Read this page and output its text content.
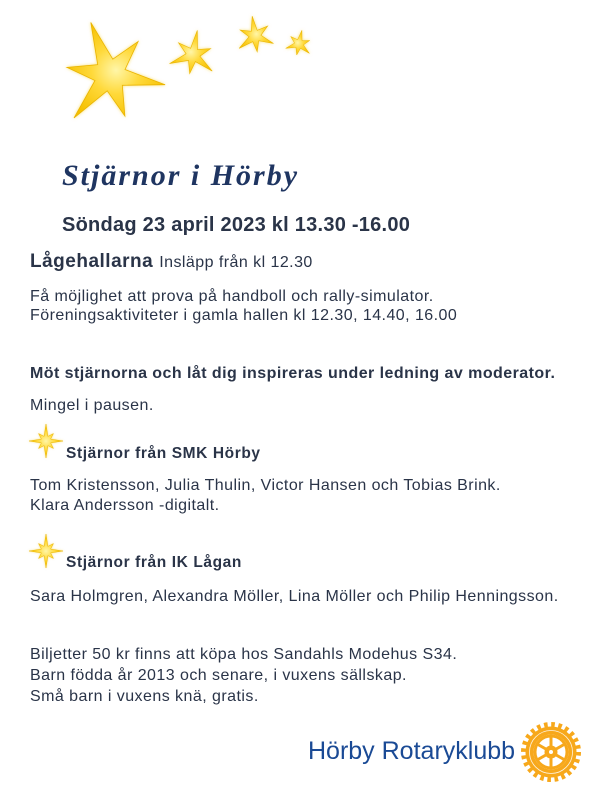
Stjärnor i Hörby
Söndag 23 april 2023 kl 13.30 -16.00
Lågehallarna Insläpp från kl 12.30
Få möjlighet att prova på handboll och rally-simulator.
Föreningsaktiviteter i gamla hallen kl 12.30, 14.40, 16.00
Möt stjärnorna och låt dig inspireras under ledning av moderator.
Mingel i pausen.
Stjärnor från SMK Hörby
Tom Kristensson, Julia Thulin, Victor Hansen och Tobias Brink.
Klara Andersson -digitalt.
Stjärnor från IK Lågan
Sara Holmgren, Alexandra Möller, Lina Möller och Philip Henningsson.
Biljetter 50 kr finns att köpa hos Sandahls Modehus S34.
Barn födda år 2013 och senare, i vuxens sällskap.
Små barn i vuxens knä, gratis.
Hörby Rotaryklubb
